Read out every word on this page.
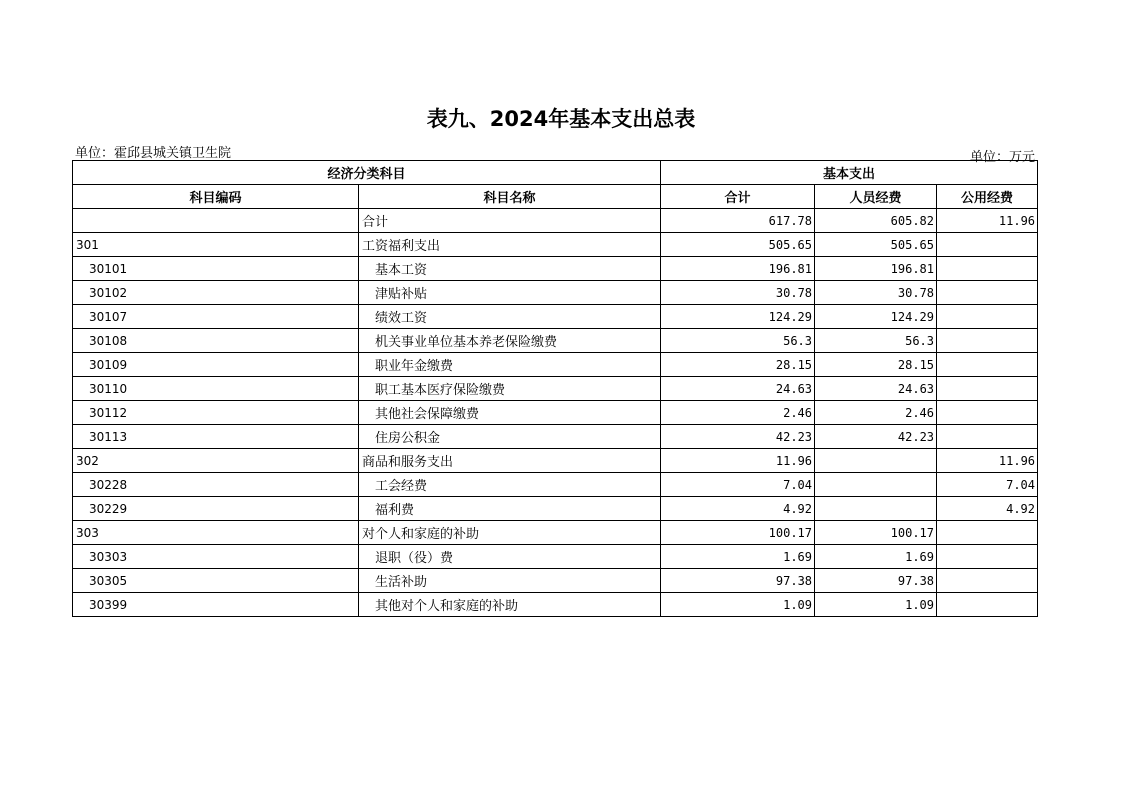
表九、2024年基本支出总表
单位：霍邱县城关镇卫生院	单位：万元
经济分类科目		基本支出		
科目编码	科目名称	合计	人员经费	公用经费
	合计	617.78	605.82	11.96
301	工资福利支出	505.65	505.65	
30101	基本工资	196.81	196.81	
30102	津贴补贴	30.78	30.78	
30107	绩效工资	124.29	124.29	
30108	机关事业单位基本养老保险缴费	56.3	56.3	
30109	职业年金缴费	28.15	28.15	
30110	职工基本医疗保险缴费	24.63	24.63	
30112	其他社会保障缴费	2.46	2.46	
30113	住房公积金	42.23	42.23	
302	商品和服务支出	11.96		11.96
30228	工会经费	7.04		7.04
30229	福利费	4.92		4.92
303	对个人和家庭的补助	100.17	100.17	
30303	退职（役）费	1.69	1.69	
30305	生活补助	97.38	97.38	
30399	其他对个人和家庭的补助	1.09	1.09	
